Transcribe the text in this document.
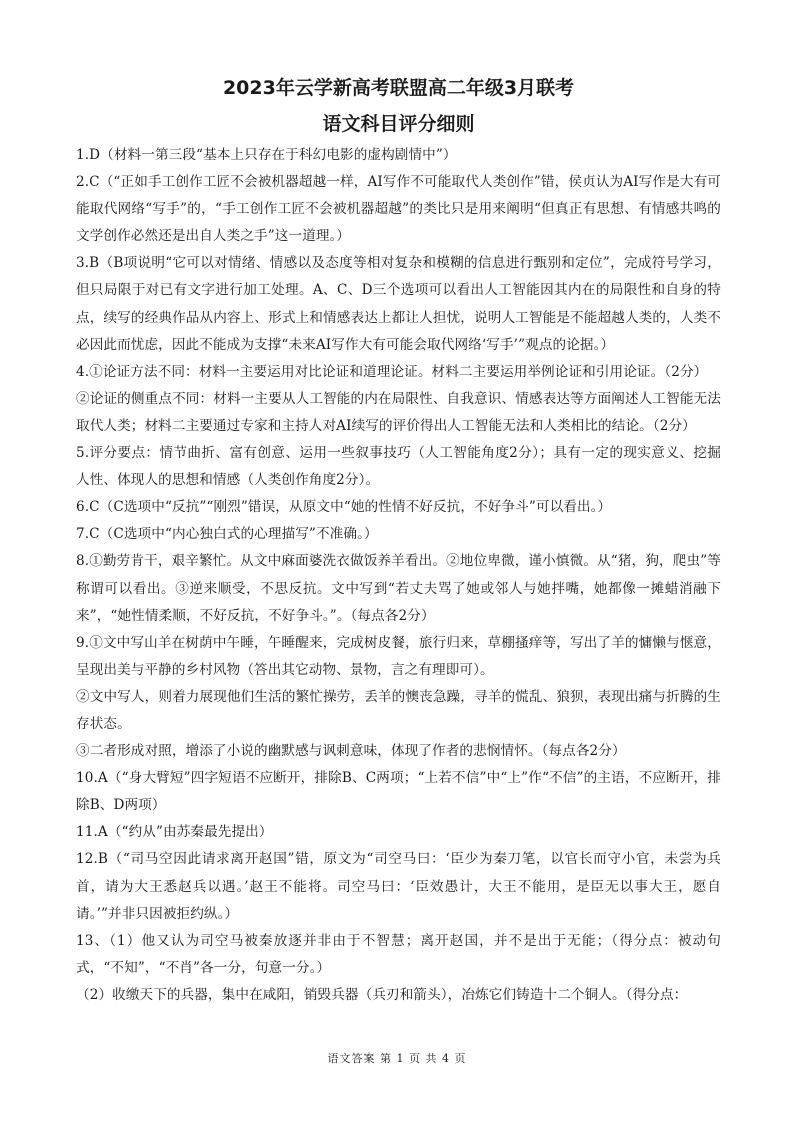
2023年云学新高考联盟高二年级3月联考
语文科目评分细则

1.D（材料一第三段“基本上只存在于科幻电影的虚构剧情中”）

2.C（“正如手工创作工匠不会被机器超越一样，AI写作不可能取代人类创作”错，侯贞认为AI写作是大有可能取代网络“写手”的，“手工创作工匠不会被机器超越”的类比只是用来阐明“但真正有思想、有情感共鸣的文学创作必然还是出自人类之手”这一道理。）

3.B（B项说明“它可以对情绪、情感以及态度等相对复杂和模糊的信息进行甄别和定位”，完成符号学习，但只局限于对已有文字进行加工处理。A、C、D三个选项可以看出人工智能因其内在的局限性和自身的特点，续写的经典作品从内容上、形式上和情感表达上都让人担忧，说明人工智能是不能超越人类的，人类不必因此而忧虑，因此不能成为支撑“未来AI写作大有可能会取代网络‘写手’”观点的论据。）

4.①论证方法不同：材料一主要运用对比论证和道理论证。材料二主要运用举例论证和引用论证。（2分）

②论证的侧重点不同：材料一主要从人工智能的内在局限性、自我意识、情感表达等方面阐述人工智能无法取代人类；材料二主要通过专家和主持人对AI续写的评价得出人工智能无法和人类相比的结论。（2分）

5.评分要点：情节曲折、富有创意、运用一些叙事技巧（人工智能角度2分）；具有一定的现实意义、挖掘人性、体现人的思想和情感（人类创作角度2分）。

6.C（C选项中“反抗”“刚烈”错误，从原文中“她的性情不好反抗，不好争斗”可以看出。）

7.C（C选项中“内心独白式的心理描写”不准确。）

8.①勤劳肯干，艰辛繁忙。从文中麻面婆洗衣做饭养羊看出。②地位卑微，谨小慎微。从“猪，狗，爬虫”等称谓可以看出。③逆来顺受，不思反抗。文中写到“若丈夫骂了她或邻人与她拌嘴，她都像一摊蜡消融下来”，“她性情柔顺，不好反抗，不好争斗。”。（每点各2分）

9.①文中写山羊在树荫中午睡，午睡醒来，完成树皮餐，旅行归来，草棚搔痒等，写出了羊的慵懒与惬意，呈现出美与平静的乡村风物（答出其它动物、景物，言之有理即可）。

②文中写人，则着力展现他们生活的繁忙操劳，丢羊的懊丧急躁，寻羊的慌乱、狼狈，表现出痛与折腾的生存状态。

③二者形成对照，增添了小说的幽默感与讽刺意味，体现了作者的悲悯情怀。（每点各2分）

10.A（“身大臂短”四字短语不应断开，排除B、C两项；“上若不信”中“上”作“不信”的主语，不应断开，排除B、D两项）

11.A（“约从”由苏秦最先提出）

12.B（“司马空因此请求离开赵国”错，原文为“司空马曰：‘臣少为秦刀笔，以官长而守小官，未尝为兵首，请为大王悉赵兵以遇。’赵王不能将。司空马曰：‘臣效愚计，大王不能用，是臣无以事大王，愿自请。’”并非只因被拒约纵。）

13、（1）他又认为司空马被秦放逐并非由于不智慧；离开赵国，并不是出于无能；（得分点：被动句式，“不知”，“不肖”各一分，句意一分。）

（2）收缴天下的兵器，集中在咸阳，销毁兵器（兵刃和箭头），冶炼它们铸造十二个铜人。（得分点：

语文答案 第 1 页 共 4 页
